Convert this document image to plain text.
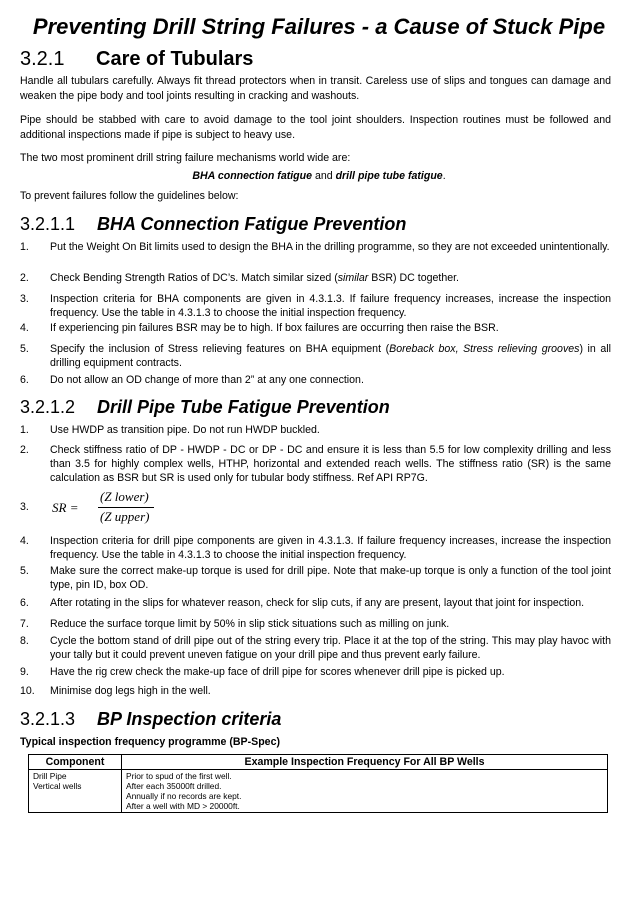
Preventing Drill String Failures - a Cause of Stuck Pipe
3.2.1 Care of Tubulars
Handle all tubulars carefully. Always fit thread protectors when in transit. Careless use of slips and tongues can damage and weaken the pipe body and tool joints resulting in cracking and washouts.
Pipe should be stabbed with care to avoid damage to the tool joint shoulders. Inspection routines must be followed and additional inspections made if pipe is subject to heavy use.
The two most prominent drill string failure mechanisms world wide are:
BHA connection fatigue and drill pipe tube fatigue.
To prevent failures follow the guidelines below:
3.2.1.1 BHA Connection Fatigue Prevention
1. Put the Weight On Bit limits used to design the BHA in the drilling programme, so they are not exceeded unintentionally.
2. Check Bending Strength Ratios of DC’s. Match similar sized (similar BSR) DC together.
3. Inspection criteria for BHA components are given in 4.3.1.3. If failure frequency increases, increase the inspection frequency. Use the table in 4.3.1.3 to choose the initial inspection frequency.
4. If experiencing pin failures BSR may be to high. If box failures are occurring then raise the BSR.
5. Specify the inclusion of Stress relieving features on BHA equipment (Boreback box, Stress relieving grooves) in all drilling equipment contracts.
6. Do not allow an OD change of more than 2” at any one connection.
3.2.1.2 Drill Pipe Tube Fatigue Prevention
1. Use HWDP as transition pipe. Do not run HWDP buckled.
2. Check stiffness ratio of DP - HWDP - DC or DP - DC and ensure it is less than 5.5 for low complexity drilling and less than 3.5 for highly complex wells, HTHP, horizontal and extended reach wells. The stiffness ratio (SR) is the same calculation as BSR but SR is used only for tubular body stiffness. Ref API RP7G.
3. SR =
(Z lower)
(Z upper)
4. Inspection criteria for drill pipe components are given in 4.3.1.3. If failure frequency increases, increase the inspection frequency. Use the table in 4.3.1.3 to choose the initial inspection frequency.
5. Make sure the correct make-up torque is used for drill pipe. Note that make-up torque is only a function of the tool joint type, pin ID, box OD.
6. After rotating in the slips for whatever reason, check for slip cuts, if any are present, layout that joint for inspection.
7. Reduce the surface torque limit by 50% in slip stick situations such as milling on junk.
8. Cycle the bottom stand of drill pipe out of the string every trip. Place it at the top of the string. This may play havoc with your tally but it could prevent uneven fatigue on your drill pipe and thus prevent early failure.
9. Have the rig crew check the make-up face of drill pipe for scores whenever drill pipe is picked up.
10. Minimise dog legs high in the well.
3.2.1.3 BP Inspection criteria
Typical inspection frequency programme (BP-Spec)
Component	Example Inspection Frequency For All BP Wells

Drill Pipe
Vertical wells	Prior to spud of the first well.
After each 35000ft drilled.
Annually if no records are kept.
After a well with MD > 20000ft.
